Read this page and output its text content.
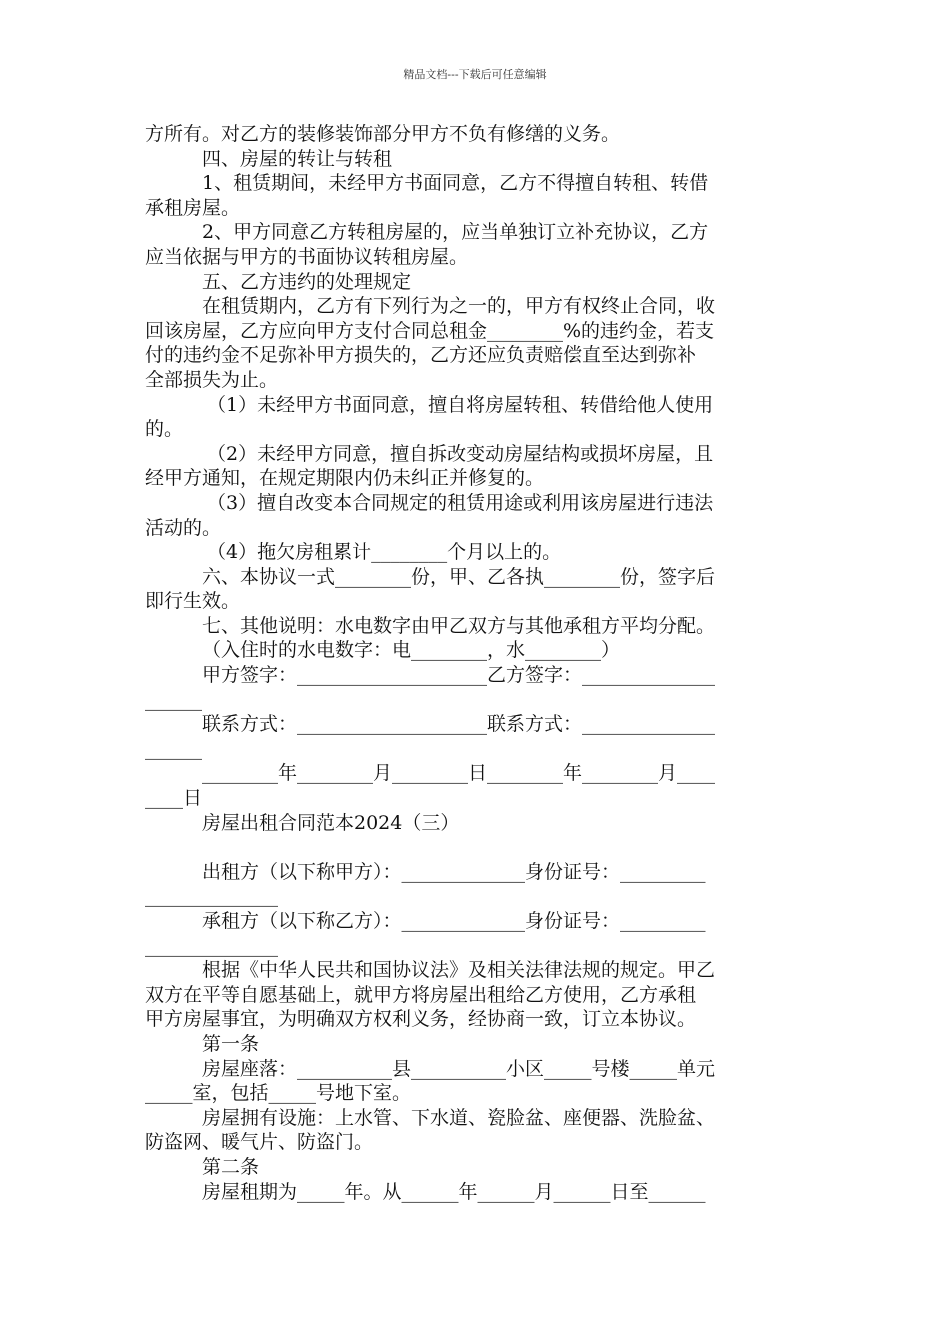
精品文档---下载后可任意编辑
方所有。对乙方的装修装饰部分甲方不负有修缮的义务。
四、房屋的转让与转租
1、租赁期间，未经甲方书面同意，乙方不得擅自转租、转借
承租房屋。
2、甲方同意乙方转租房屋的，应当单独订立补充协议，乙方
应当依据与甲方的书面协议转租房屋。
五、乙方违约的处理规定
在租赁期内，乙方有下列行为之一的，甲方有权终止合同，收
回该房屋，乙方应向甲方支付合同总租金________%的违约金，若支
付的违约金不足弥补甲方损失的，乙方还应负责赔偿直至达到弥补
全部损失为止。
（1）未经甲方书面同意，擅自将房屋转租、转借给他人使用
的。
（2）未经甲方同意，擅自拆改变动房屋结构或损坏房屋，且
经甲方通知，在规定期限内仍未纠正并修复的。
（3）擅自改变本合同规定的租赁用途或利用该房屋进行违法
活动的。
（4）拖欠房租累计________个月以上的。
六、本协议一式________份，甲、乙各执________份，签字后
即行生效。
七、其他说明：水电数字由甲乙双方与其他承租方平均分配。
（入住时的水电数字：电________，水________）
甲方签字：____________________乙方签字：______________
______
联系方式：____________________联系方式：______________
______
________年________月________日________年________月____
____日
房屋出租合同范本2024（三）
出租方（以下称甲方）：_____________身份证号：_________
______________
承租方（以下称乙方）：_____________身份证号：_________
______________
根据《中华人民共和国协议法》及相关法律法规的规定。甲乙
双方在平等自愿基础上，就甲方将房屋出租给乙方使用，乙方承租
甲方房屋事宜，为明确双方权利义务，经协商一致，订立本协议。
第一条
房屋座落：__________县__________小区_____号楼_____单元
_____室，包括_____号地下室。
房屋拥有设施：上水管、下水道、瓷脸盆、座便器、洗脸盆、
防盗网、暖气片、防盗门。
第二条
房屋租期为_____年。从______年______月______日至______
